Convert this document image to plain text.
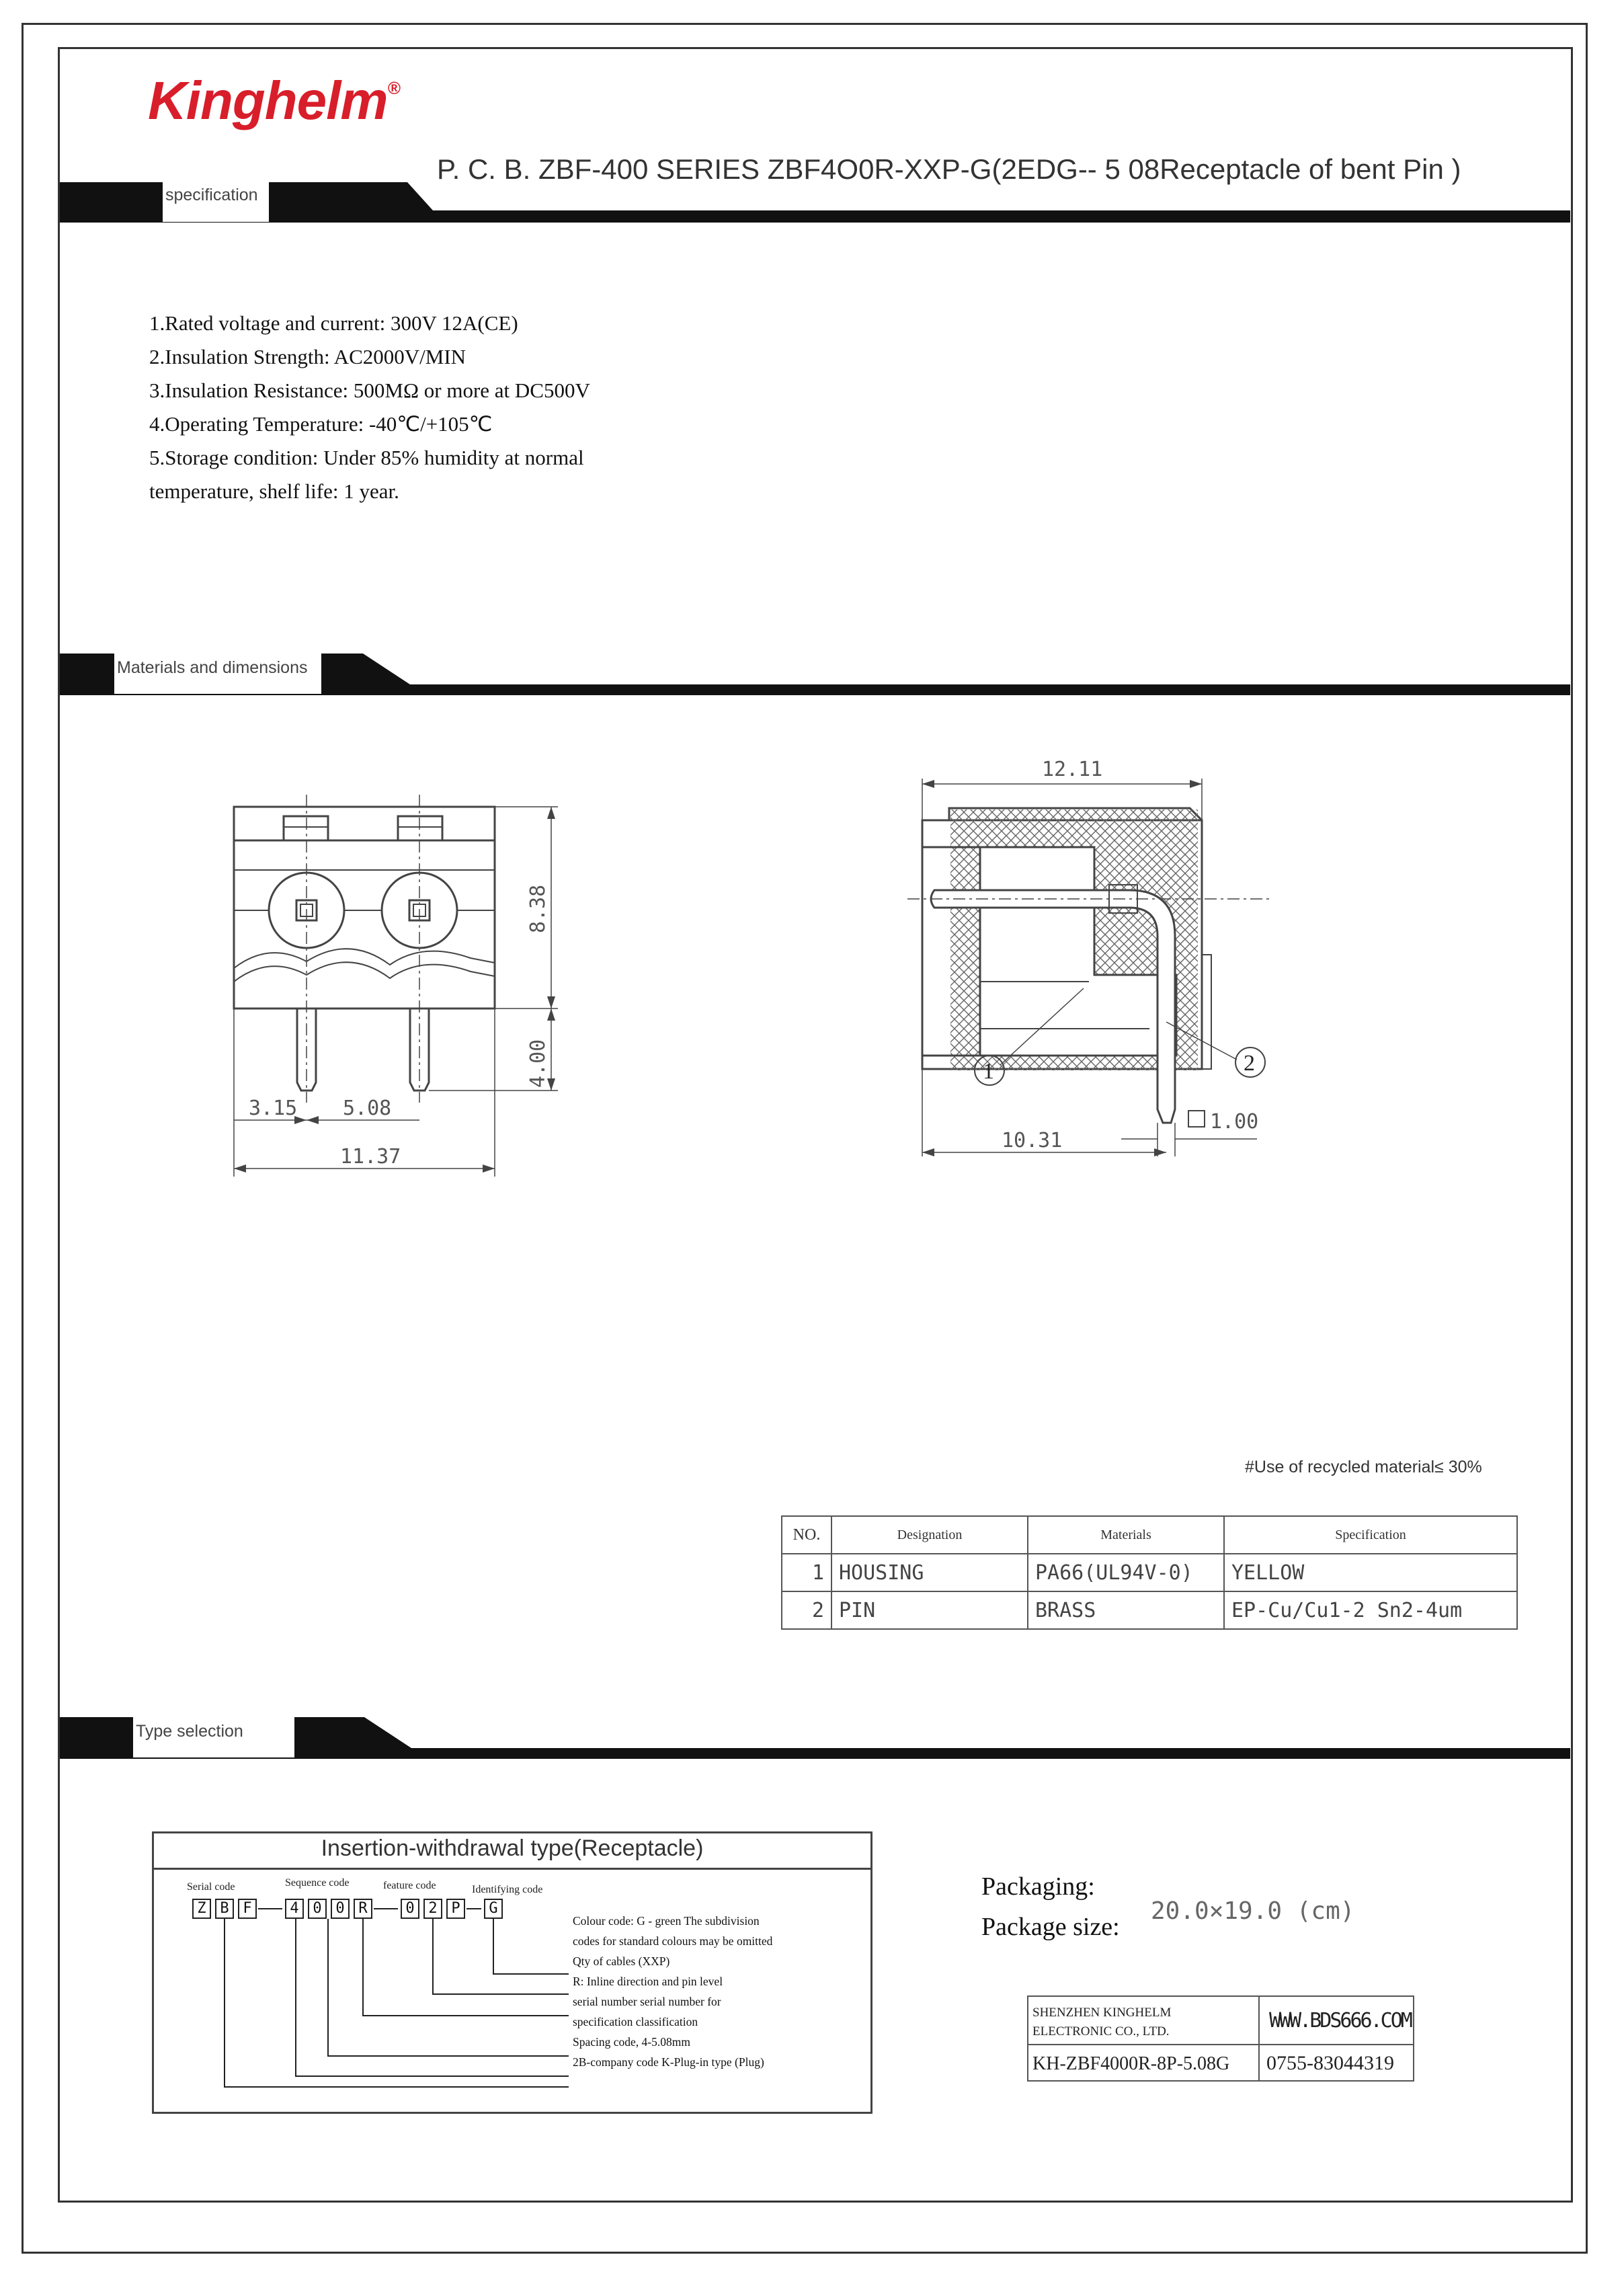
Kinghelm®
P. C. B. ZBF-400 SERIES ZBF4O0R-XXP-G(2EDG-- 5 08Receptacle of bent Pin )
specification
Materials and dimensions
Type selection
1.Rated voltage and current: 300V 12A(CE)
2.Insulation Strength: AC2000V/MIN
3.Insulation Resistance: 500MΩ or more at DC500V
4.Operating Temperature: -40℃/+105℃
5.Storage condition: Under 85% humidity at normal
temperature, shelf life: 1 year.
8.38
4.00
3.15 5.08
11.37
12.11
1	2
10.31
1.00
#Use of recycled material≤ 30%
NO.	Designation	Materials	Specification
1	HOUSING	PA66(UL94V-0)	YELLOW
2	PIN	BRASS	EP-Cu/Cu1-2 Sn2-4um
Insertion-withdrawal type(Receptacle)
Serial code	Sequence code	feature code	Identifying code
Z B F	4 0 0 R	0 2 P	G
Colour code: G - green The subdivision
codes for standard colours may be omitted
Qty of cables (XXP)
R: Inline direction and pin level
serial number serial number for
specification classification
Spacing code, 4-5.08mm
2B-company code K-Plug-in type (Plug)
Packaging:
Package size:
20.0×19.0 (cm)
SHENZHEN KINGHELM
ELECTRONIC CO., LTD.	WWW.BDS666.COM
KH-ZBF4000R-8P-5.08G 0755-83044319
